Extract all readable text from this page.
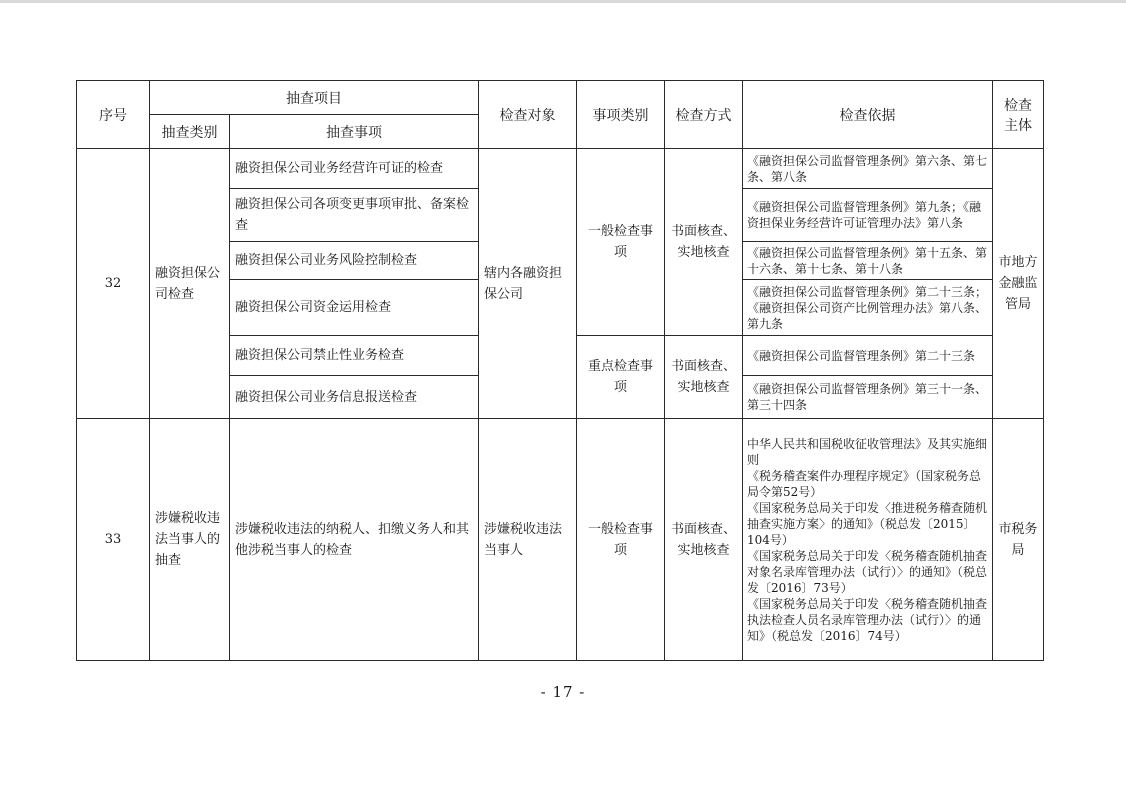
序号	抽查项目		检查对象	事项类别	检查方式	检查依据	检查主体
	抽查类别	抽查事项					
32	融资担保公司检查	融资担保公司业务经营许可证的检查	辖内各融资担保公司	一般检查事项	书面核查、实地核查	《融资担保公司监督管理条例》第六条、第七条、第八条	市地方金融监管局
		融资担保公司各项变更事项审批、备案检查				《融资担保公司监督管理条例》第九条；《融资担保业务经营许可证管理办法》第八条	
		融资担保公司业务风险控制检查				《融资担保公司监督管理条例》第十五条、第十六条、第十七条、第十八条	
		融资担保公司资金运用检查				《融资担保公司监督管理条例》第二十三条；《融资担保公司资产比例管理办法》第八条、第九条	
		融资担保公司禁止性业务检查		重点检查事项	书面核查、实地核查	《融资担保公司监督管理条例》第二十三条	
		融资担保公司业务信息报送检查				《融资担保公司监督管理条例》第三十一条、第三十四条	
33	涉嫌税收违法当事人的抽查	涉嫌税收违法的纳税人、扣缴义务人和其他涉税当事人的检查	涉嫌税收违法当事人	一般检查事项	书面核查、实地核查	中华人民共和国税收征收管理法》及其实施细则
《税务稽查案件办理程序规定》（国家税务总局令第52号）
《国家税务总局关于印发〈推进税务稽查随机抽查实施方案〉的通知》（税总发〔2015〕104号）
《国家税务总局关于印发〈税务稽查随机抽查对象名录库管理办法（试行）〉的通知》（税总发〔2016〕73号）
《国家税务总局关于印发〈税务稽查随机抽查执法检查人员名录库管理办法（试行）〉的通知》（税总发〔2016〕74号）	市税务局
- 17 -
